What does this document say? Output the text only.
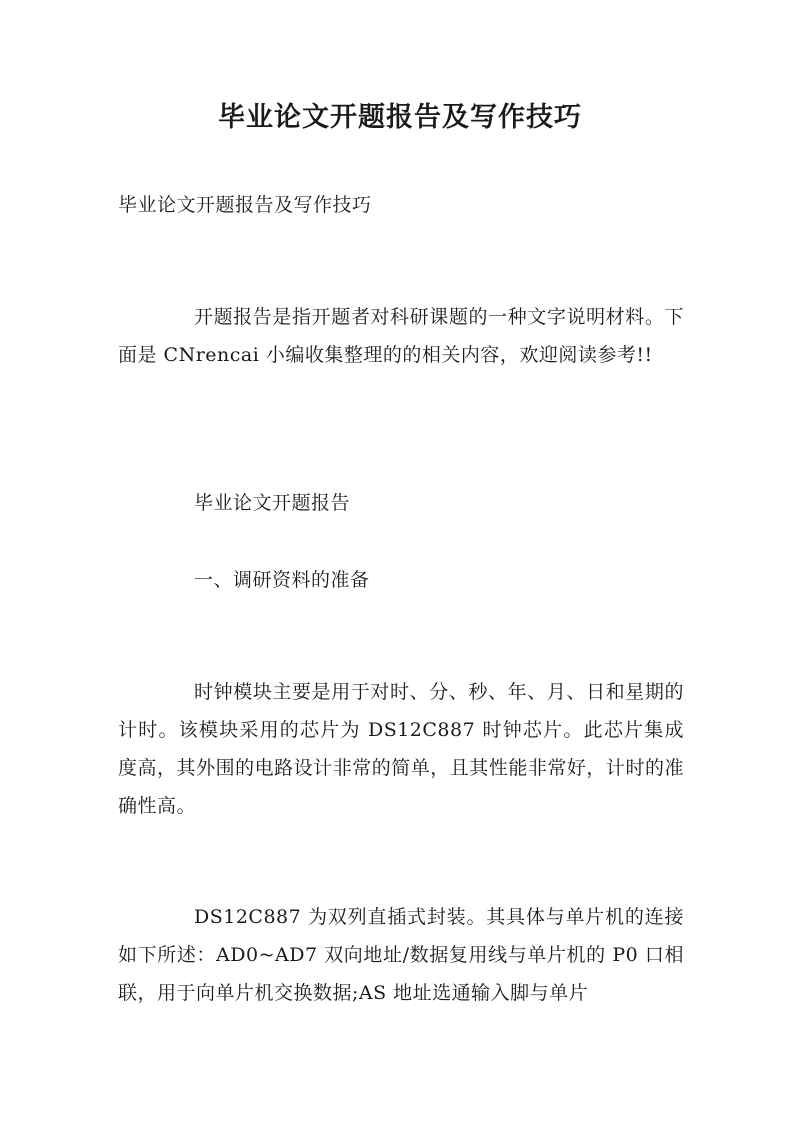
毕业论文开题报告及写作技巧

毕业论文开题报告及写作技巧

开题报告是指开题者对科研课题的一种文字说明材料。下面是 CNrencai 小编收集整理的的相关内容，欢迎阅读参考!!

毕业论文开题报告

一、调研资料的准备

时钟模块主要是用于对时、分、秒、年、月、日和星期的计时。该模块采用的芯片为 DS12C887 时钟芯片。此芯片集成度高，其外围的电路设计非常的简单，且其性能非常好，计时的准确性高。

DS12C887 为双列直插式封装。其具体与单片机的连接如下所述：AD0~AD7 双向地址/数据复用线与单片机的 P0 口相联，用于向单片机交换数据;AS 地址选通输入脚与单片
